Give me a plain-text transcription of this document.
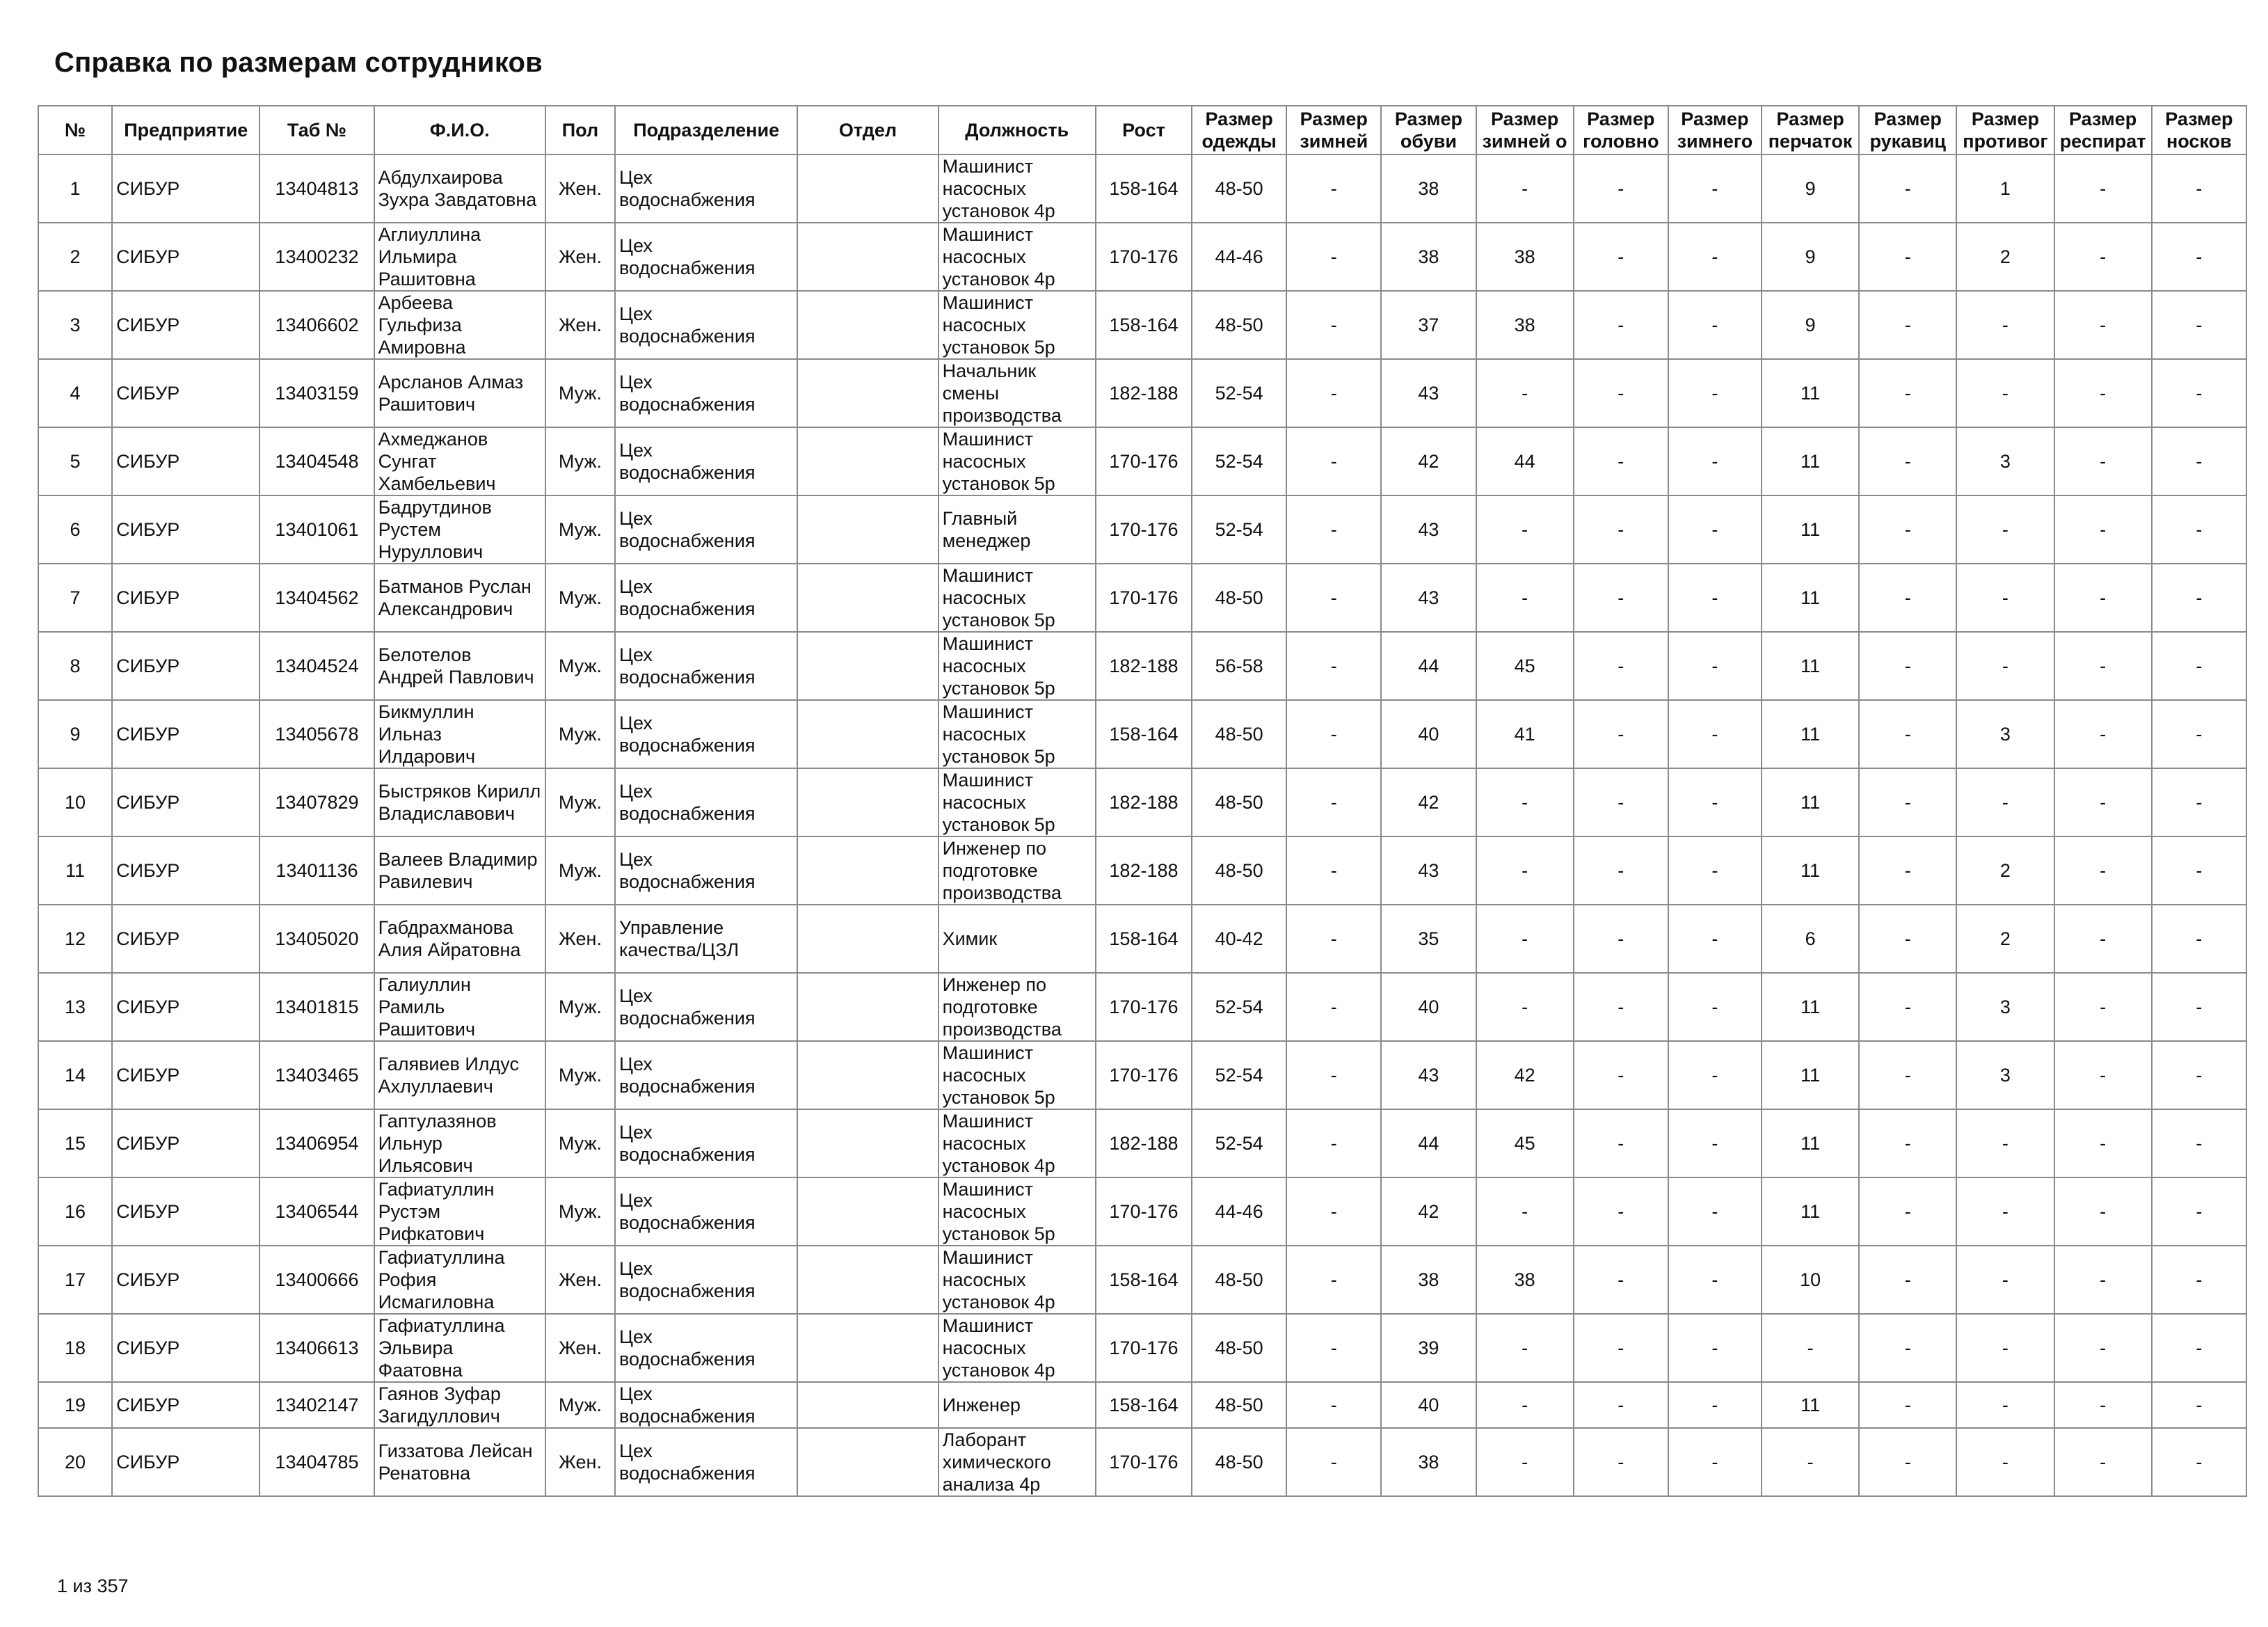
Справка по размерам сотрудников
№	Предприятие	Таб №	Ф.И.О.	Пол	Подразделение	Отдел	Должность	Рост	Размер одежды	Размер зимней	Размер обуви	Размер зимней о	Размер головно	Размер зимнего	Размер перчаток	Размер рукавиц	Размер противог	Размер респират	Размер носков
1	СИБУР	13404813	Абдулхаирова Зухра Завдатовна	Жен.	Цех водоснабжения		Машинист насосных установок 4р	158-164	48-50	-	38	-	-	-	9	-	1	-	-
2	СИБУР	13400232	Аглиуллина Ильмира Рашитовна	Жен.	Цех водоснабжения		Машинист насосных установок 4р	170-176	44-46	-	38	38	-	-	9	-	2	-	-
3	СИБУР	13406602	Арбеева Гульфиза Амировна	Жен.	Цех водоснабжения		Машинист насосных установок 5р	158-164	48-50	-	37	38	-	-	9	-	-	-	-
4	СИБУР	13403159	Арсланов Алмаз Рашитович	Муж.	Цех водоснабжения		Начальник смены производства	182-188	52-54	-	43	-	-	-	11	-	-	-	-
5	СИБУР	13404548	Ахмеджанов Сунгат Хамбельевич	Муж.	Цех водоснабжения		Машинист насосных установок 5р	170-176	52-54	-	42	44	-	-	11	-	3	-	-
6	СИБУР	13401061	Бадрутдинов Рустем Нуруллович	Муж.	Цех водоснабжения		Главный менеджер	170-176	52-54	-	43	-	-	-	11	-	-	-	-
7	СИБУР	13404562	Батманов Руслан Александрович	Муж.	Цех водоснабжения		Машинист насосных установок 5р	170-176	48-50	-	43	-	-	-	11	-	-	-	-
8	СИБУР	13404524	Белотелов Андрей Павлович	Муж.	Цех водоснабжения		Машинист насосных установок 5р	182-188	56-58	-	44	45	-	-	11	-	-	-	-
9	СИБУР	13405678	Бикмуллин Ильназ Илдарович	Муж.	Цех водоснабжения		Машинист насосных установок 5р	158-164	48-50	-	40	41	-	-	11	-	3	-	-
10	СИБУР	13407829	Быстряков Кирилл Владиславович	Муж.	Цех водоснабжения		Машинист насосных установок 5р	182-188	48-50	-	42	-	-	-	11	-	-	-	-
11	СИБУР	13401136	Валеев Владимир Равилевич	Муж.	Цех водоснабжения		Инженер по подготовке производства	182-188	48-50	-	43	-	-	-	11	-	2	-	-
12	СИБУР	13405020	Габдрахманова Алия Айратовна	Жен.	Управление качества/ЦЗЛ		Химик	158-164	40-42	-	35	-	-	-	6	-	2	-	-
13	СИБУР	13401815	Галиуллин Рамиль Рашитович	Муж.	Цех водоснабжения		Инженер по подготовке производства	170-176	52-54	-	40	-	-	-	11	-	3	-	-
14	СИБУР	13403465	Галявиев Илдус Ахлуллаевич	Муж.	Цех водоснабжения		Машинист насосных установок 5р	170-176	52-54	-	43	42	-	-	11	-	3	-	-
15	СИБУР	13406954	Гаптулазянов Ильнур Ильясович	Муж.	Цех водоснабжения		Машинист насосных установок 4р	182-188	52-54	-	44	45	-	-	11	-	-	-	-
16	СИБУР	13406544	Гафиатуллин Рустэм Рифкатович	Муж.	Цех водоснабжения		Машинист насосных установок 5р	170-176	44-46	-	42	-	-	-	11	-	-	-	-
17	СИБУР	13400666	Гафиатуллина Рофия Исмагиловна	Жен.	Цех водоснабжения		Машинист насосных установок 4р	158-164	48-50	-	38	38	-	-	10	-	-	-	-
18	СИБУР	13406613	Гафиатуллина Эльвира Фаатовна	Жен.	Цех водоснабжения		Машинист насосных установок 4р	170-176	48-50	-	39	-	-	-	-	-	-	-	-
19	СИБУР	13402147	Гаянов Зуфар Загидуллович	Муж.	Цех водоснабжения		Инженер	158-164	48-50	-	40	-	-	-	11	-	-	-	-
20	СИБУР	13404785	Гиззатова Лейсан Ренатовна	Жен.	Цех водоснабжения		Лаборант химического анализа 4р	170-176	48-50	-	38	-	-	-	-	-	-	-	-
1 из 357
